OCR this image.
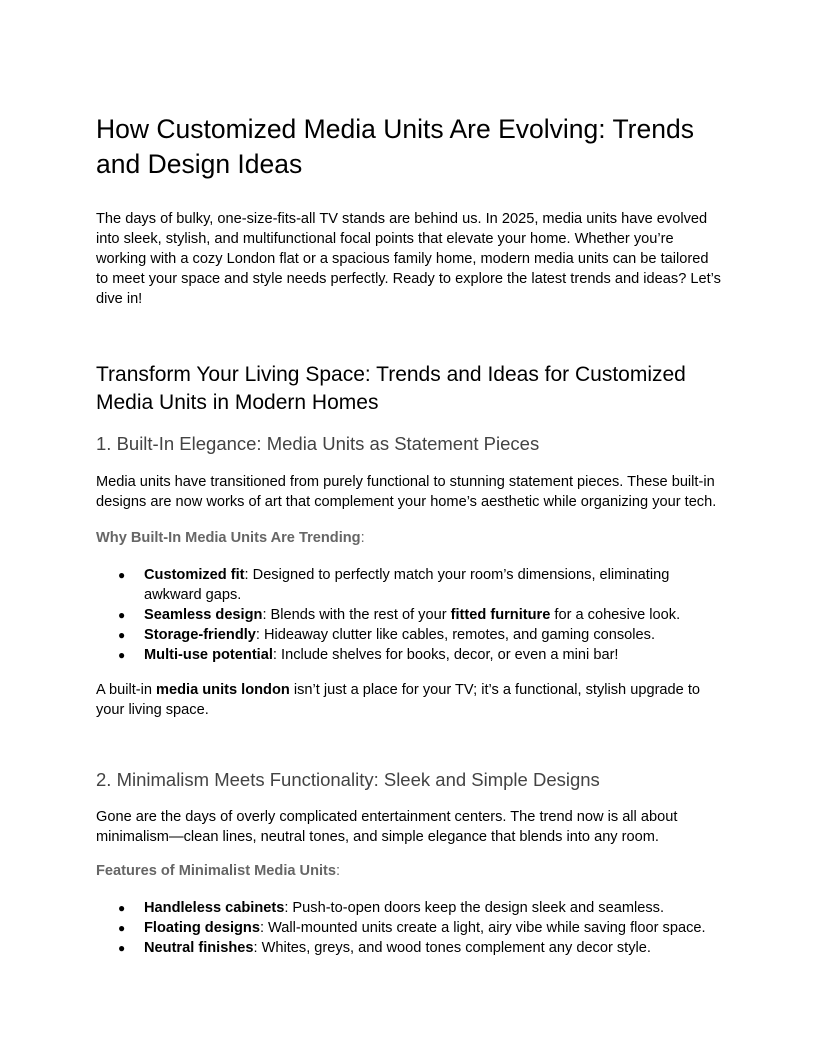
How Customized Media Units Are Evolving: Trends and Design Ideas

The days of bulky, one-size-fits-all TV stands are behind us. In 2025, media units have evolved into sleek, stylish, and multifunctional focal points that elevate your home. Whether you’re working with a cozy London flat or a spacious family home, modern media units can be tailored to meet your space and style needs perfectly. Ready to explore the latest trends and ideas? Let’s dive in!

Transform Your Living Space: Trends and Ideas for Customized Media Units in Modern Homes
1. Built-In Elegance: Media Units as Statement Pieces

Media units have transitioned from purely functional to stunning statement pieces. These built-in designs are now works of art that complement your home’s aesthetic while organizing your tech.

Why Built-In Media Units Are Trending:
● Customized fit: Designed to perfectly match your room’s dimensions, eliminating awkward gaps.
● Seamless design: Blends with the rest of your fitted furniture for a cohesive look.
● Storage-friendly: Hideaway clutter like cables, remotes, and gaming consoles.
● Multi-use potential: Include shelves for books, decor, or even a mini bar!

A built-in media units london isn’t just a place for your TV; it’s a functional, stylish upgrade to your living space.

2. Minimalism Meets Functionality: Sleek and Simple Designs

Gone are the days of overly complicated entertainment centers. The trend now is all about minimalism—clean lines, neutral tones, and simple elegance that blends into any room.

Features of Minimalist Media Units:
● Handleless cabinets: Push-to-open doors keep the design sleek and seamless.
● Floating designs: Wall-mounted units create a light, airy vibe while saving floor space.
● Neutral finishes: Whites, greys, and wood tones complement any decor style.
